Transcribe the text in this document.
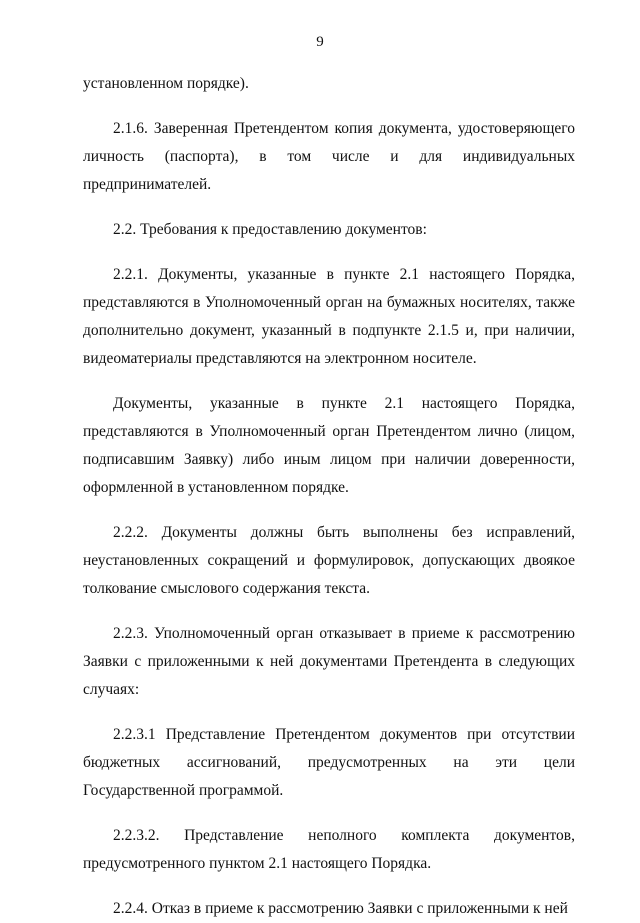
9

установленном порядке).

2.1.6. Заверенная Претендентом копия документа, удостоверяющего личность (паспорта), в том числе и для индивидуальных предпринимателей.

2.2. Требования к предоставлению документов:

2.2.1. Документы, указанные в пункте 2.1 настоящего Порядка, представляются в Уполномоченный орган на бумажных носителях, также дополнительно документ, указанный в подпункте 2.1.5 и, при наличии, видеоматериалы представляются на электронном носителе.

Документы, указанные в пункте 2.1 настоящего Порядка, представляются в Уполномоченный орган Претендентом лично (лицом, подписавшим Заявку) либо иным лицом при наличии доверенности, оформленной в установленном порядке.

2.2.2. Документы должны быть выполнены без исправлений, неустановленных сокращений и формулировок, допускающих двоякое толкование смыслового содержания текста.

2.2.3. Уполномоченный орган отказывает в приеме к рассмотрению Заявки с приложенными к ней документами Претендента в следующих случаях:

2.2.3.1 Представление Претендентом документов при отсутствии бюджетных ассигнований, предусмотренных на эти цели Государственной программой.

2.2.3.2. Представление неполного комплекта документов, предусмотренного пунктом 2.1 настоящего Порядка.

2.2.4. Отказ в приеме к рассмотрению Заявки с приложенными к ней
